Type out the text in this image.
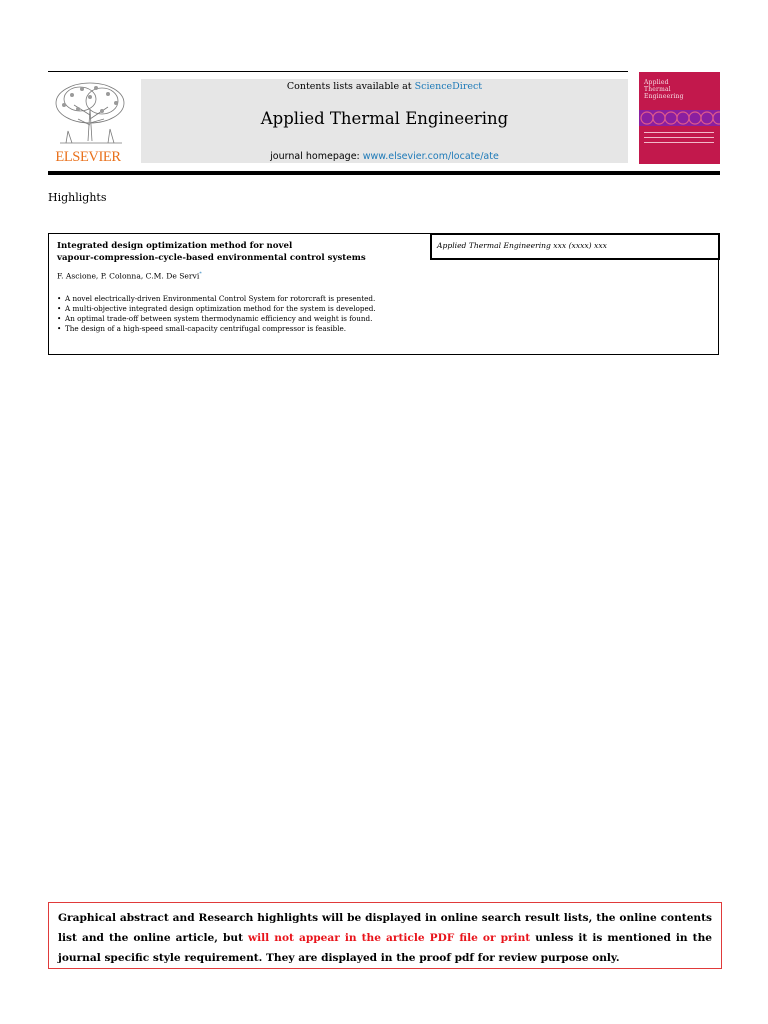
ELSEVIER
Contents lists available at ScienceDirect
Applied Thermal Engineering
journal homepage: www.elsevier.com/locate/ate
Applied
Thermal
Engineering
Highlights
Integrated design optimization method for novel
vapour-compression-cycle-based environmental control systems
Applied Thermal Engineering xxx (xxxx) xxx
F. Ascione, P. Colonna, C.M. De Servi*
• A novel electrically-driven Environmental Control System for rotorcraft is presented.
• A multi-objective integrated design optimization method for the system is developed.
• An optimal trade-off between system thermodynamic efficiency and weight is found.
• The design of a high-speed small-capacity centrifugal compressor is feasible.
Graphical abstract and Research highlights will be displayed in online search result lists, the online contents list and the online article, but will not appear in the article PDF file or print unless it is mentioned in the journal specific style requirement. They are displayed in the proof pdf for review purpose only.
